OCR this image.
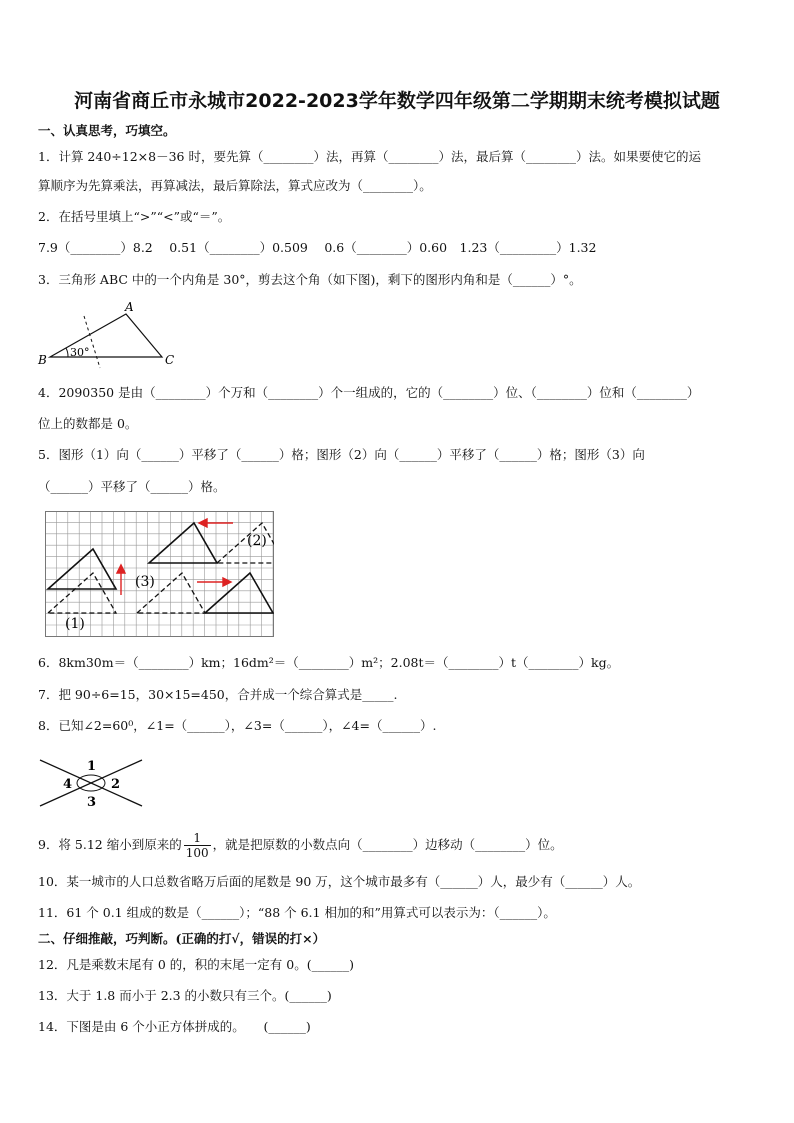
河南省商丘市永城市2022-2023学年数学四年级第二学期期末统考模拟试题
一、认真思考，巧填空。
1．计算 240÷12×8－36 时，要先算（________）法，再算（________）法，最后算（________）法。如果要使它的运
算顺序为先算乘法，再算减法，最后算除法，算式应改为（________）。
2．在括号里填上“>”“<”或“＝”。
7.9（________）8.2　 0.51（________）0.509　 0.6（________）0.60　1.23（_________）1.32
3．三角形 ABC 中的一个内角是 30°，剪去这个角（如下图)，剩下的图形内角和是（______）°。
A
B	C
30°
4．2090350 是由（________）个万和（________）个一组成的，它的（________）位、（________）位和（________）
位上的数都是 0。
5．图形（1）向（______）平移了（______）格；图形（2）向（______）平移了（______）格；图形（3）向
（______）平移了（______）格。
(1)
(2)
(3)
6．8km30m＝（________）km；16dm²＝（________）m²；2.08t＝（________）t（________）kg。
7．把 90÷6=15，30×15=450，合并成一个综合算式是_____.
8．已知∠2=60⁰，∠1=（______），∠3=（______），∠4=（______）.
1
2
3
4
9．将 5.12 缩小到原来的 $\frac{1}{100}$ ，就是把原数的小数点向（________）边移动（________）位。
10．某一城市的人口总数省略万后面的尾数是 90 万，这个城市最多有（______）人，最少有（______）人。
11．61 个 0.1 组成的数是（______）；“88 个 6.1 相加的和”用算式可以表示为：（______）。
二、仔细推敲，巧判断。(正确的打√，错误的打×）
12．凡是乘数末尾有 0 的，积的末尾一定有 0。(______)
13．大于 1.8 而小于 2.3 的小数只有三个。(______)
14．下图是由 6 个小正方体拼成的。　　(______)
